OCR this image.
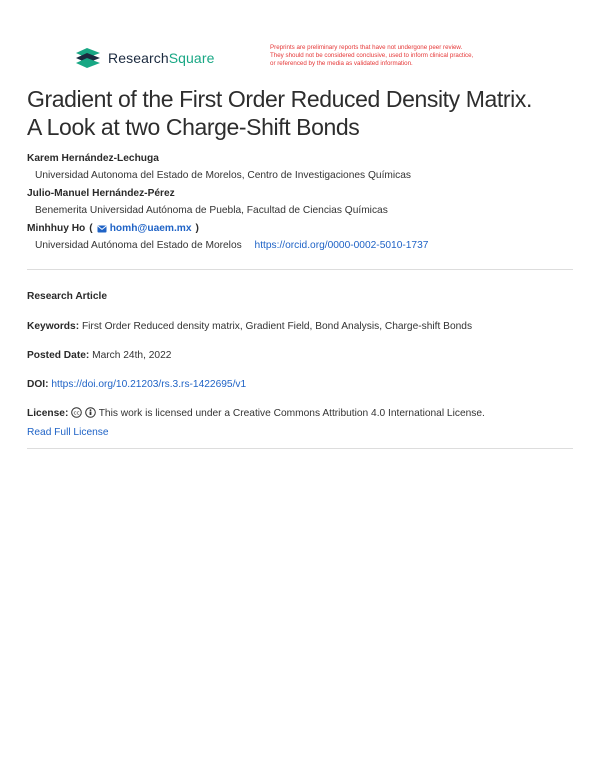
ResearchSquare
Preprints are preliminary reports that have not undergone peer review.
They should not be considered conclusive, used to inform clinical practice,
or referenced by the media as validated information.
Gradient of the First Order Reduced Density Matrix.
A Look at two Charge-Shift Bonds
Karem Hernández-Lechuga
Universidad Autonoma del Estado de Morelos, Centro de Investigaciones Químicas
Julio-Manuel Hernández-Pérez
Benemerita Universidad Autónoma de Puebla, Facultad de Ciencias Químicas
Minhhuy Ho ( homh@uaem.mx )
Universidad Autónoma del Estado de Morelos https://orcid.org/0000-0002-5010-1737
Research Article
Keywords: First Order Reduced density matrix, Gradient Field, Bond Analysis, Charge-shift Bonds
Posted Date: March 24th, 2022
DOI: https://doi.org/10.21203/rs.3.rs-1422695/v1
License: cc This work is licensed under a Creative Commons Attribution 4.0 International License.
Read Full License
